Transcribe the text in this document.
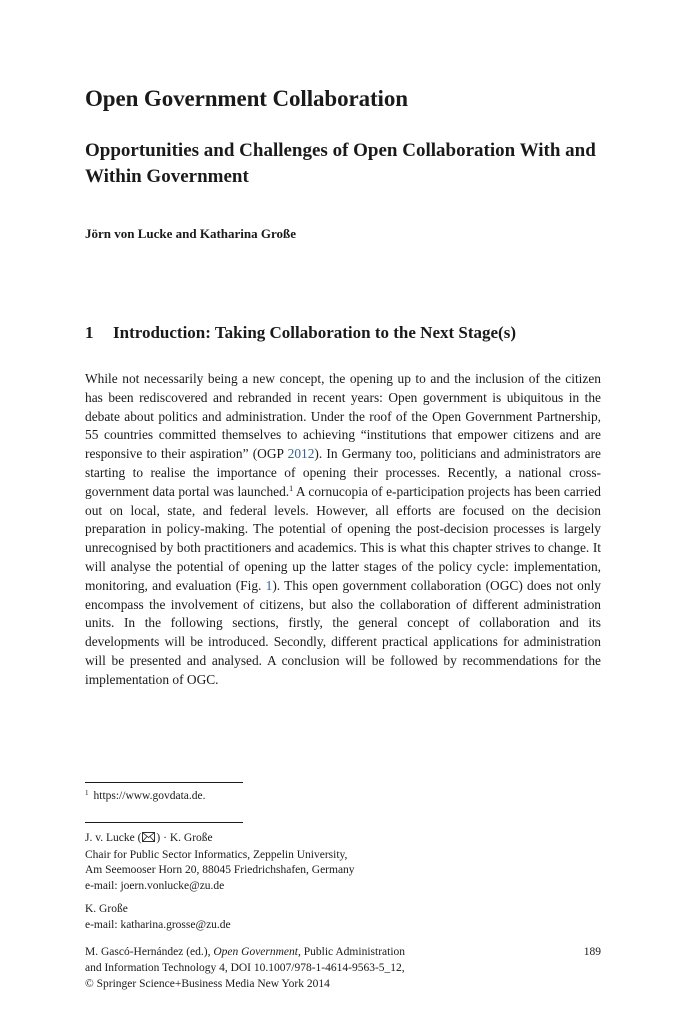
Open Government Collaboration
Opportunities and Challenges of Open Collaboration With and Within Government

Jörn von Lucke and Katharina Große

1 Introduction: Taking Collaboration to the Next Stage(s)

While not necessarily being a new concept, the opening up to and the inclusion of the citizen has been rediscovered and rebranded in recent years: Open government is ubiquitous in the debate about politics and administration. Under the roof of the Open Government Partnership, 55 countries committed themselves to achieving “institutions that empower citizens and are responsive to their aspiration” (OGP 2012). In Germany too, politicians and administrators are starting to realise the importance of opening their processes. Recently, a national cross-government data portal was launched.$^1$ A cornucopia of e-participation projects has been carried out on local, state, and federal levels. However, all efforts are focused on the decision preparation in policy-making. The potential of opening the post-decision processes is largely unrecognised by both practitioners and academics. This is what this chapter strives to change. It will analyse the potential of opening up the latter stages of the policy cycle: implementation, monitoring, and evaluation (Fig. 1). This open government collaboration (OGC) does not only encompass the involvement of citizens, but also the collaboration of different administration units. In the following sections, firstly, the general concept of collaboration and its developments will be introduced. Secondly, different practical applications for administration will be presented and analysed. A conclusion will be followed by recommendations for the implementation of OGC.

$^1$ https://www.govdata.de.

J. v. Lucke ( ) · K. Große
Chair for Public Sector Informatics, Zeppelin University,
Am Seemooser Horn 20, 88045 Friedrichshafen, Germany
e-mail: joern.vonlucke@zu.de
K. Große
e-mail: katharina.grosse@zu.de
M. Gascó-Hernández (ed.), Open Government, Public Administration
and Information Technology 4, DOI 10.1007/978-1-4614-9563-5_12,
© Springer Science+Business Media New York 2014

189
